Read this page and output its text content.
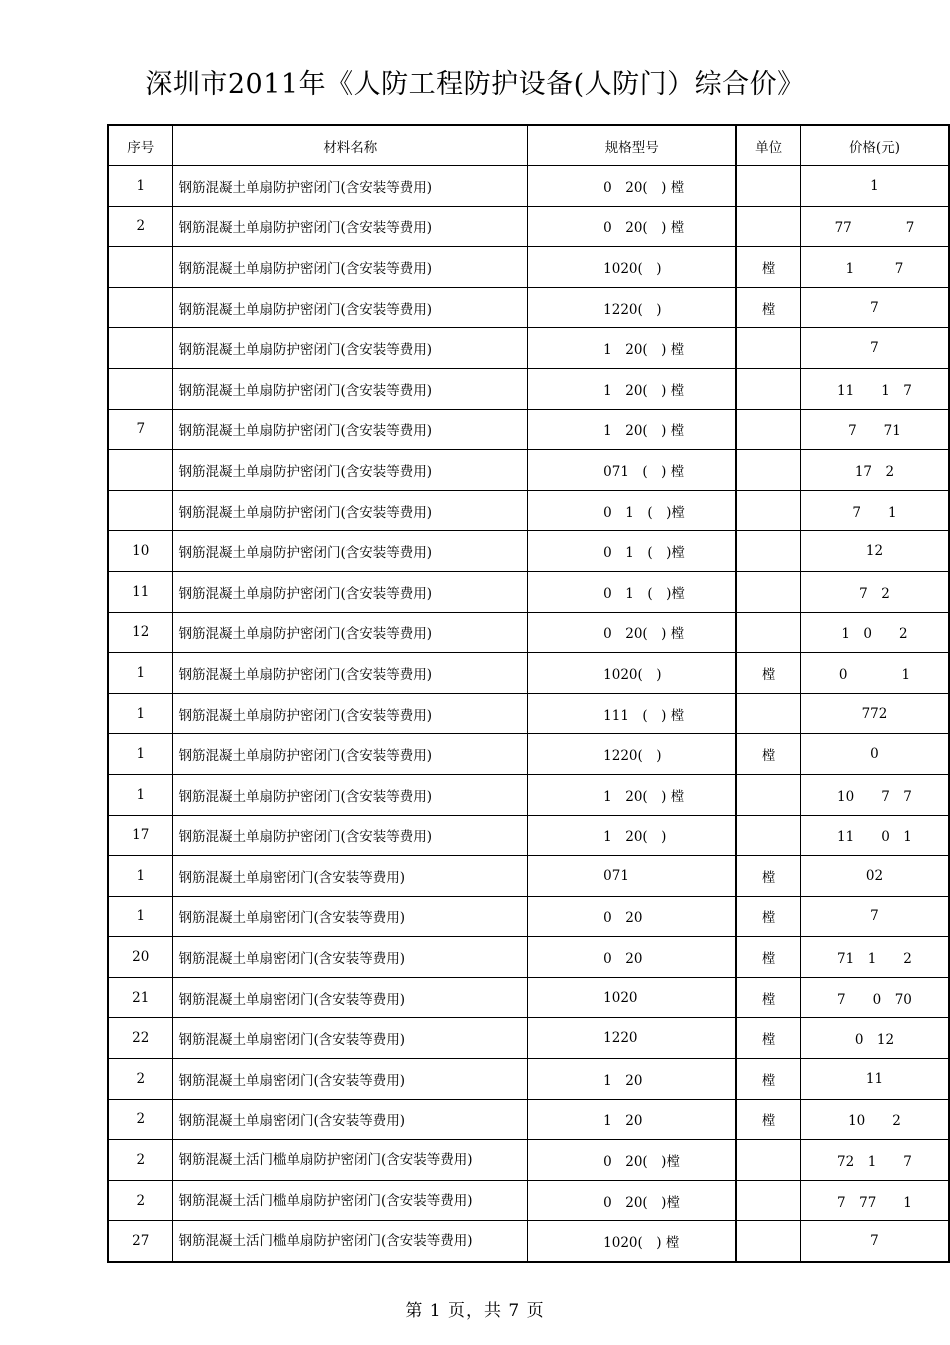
深圳市2011年《人防工程防护设备(人防门）综合价》
序号	材料名称	规格型号	单位	价格(元)
1	钢筋混凝土单扇防护密闭门(含安装等费用)	0　20(　) 樘		1
2	钢筋混凝土单扇防护密闭门(含安装等费用)	0　20(　) 樘		77　　　　7
	钢筋混凝土单扇防护密闭门(含安装等费用)	1020(　)	樘	1　　　7
	钢筋混凝土单扇防护密闭门(含安装等费用)	1220(　)	樘	7
	钢筋混凝土单扇防护密闭门(含安装等费用)	1　20(　) 樘		7
	钢筋混凝土单扇防护密闭门(含安装等费用)	1　20(　) 樘		11　　1　7
7	钢筋混凝土单扇防护密闭门(含安装等费用)	1　20(　) 樘		7　　71
	钢筋混凝土单扇防护密闭门(含安装等费用)	071　(　) 樘		17　2
	钢筋混凝土单扇防护密闭门(含安装等费用)	0　1　(　)樘		7　　1
10	钢筋混凝土单扇防护密闭门(含安装等费用)	0　1　(　)樘		12
11	钢筋混凝土单扇防护密闭门(含安装等费用)	0　1　(　)樘		7　2
12	钢筋混凝土单扇防护密闭门(含安装等费用)	0　20(　) 樘		1　0　　2
1	钢筋混凝土单扇防护密闭门(含安装等费用)	1020(　)	樘	0　　　　1
1	钢筋混凝土单扇防护密闭门(含安装等费用)	111　(　) 樘		772
1	钢筋混凝土单扇防护密闭门(含安装等费用)	1220(　)	樘	0
1	钢筋混凝土单扇防护密闭门(含安装等费用)	1　20(　) 樘		10　　7　7
17	钢筋混凝土单扇防护密闭门(含安装等费用)	1　20(　)		11　　0　1
1	钢筋混凝土单扇密闭门(含安装等费用)	071	樘	02
1	钢筋混凝土单扇密闭门(含安装等费用)	0　20	樘	7
20	钢筋混凝土单扇密闭门(含安装等费用)	0　20	樘	71　1　　2
21	钢筋混凝土单扇密闭门(含安装等费用)	1020	樘	7　　0　70
22	钢筋混凝土单扇密闭门(含安装等费用)	1220	樘	0　12
2	钢筋混凝土单扇密闭门(含安装等费用)	1　20	樘	11
2	钢筋混凝土单扇密闭门(含安装等费用)	1　20	樘	10　　2
2	钢筋混凝土活门槛单扇防护密闭门(含安装等费用)	0　20(　)樘		72　1　　7
2	钢筋混凝土活门槛单扇防护密闭门(含安装等费用)	0　20(　)樘		7　77　　1
27	钢筋混凝土活门槛单扇防护密闭门(含安装等费用)	1020(　) 樘		7
第 1 页，共 7 页
